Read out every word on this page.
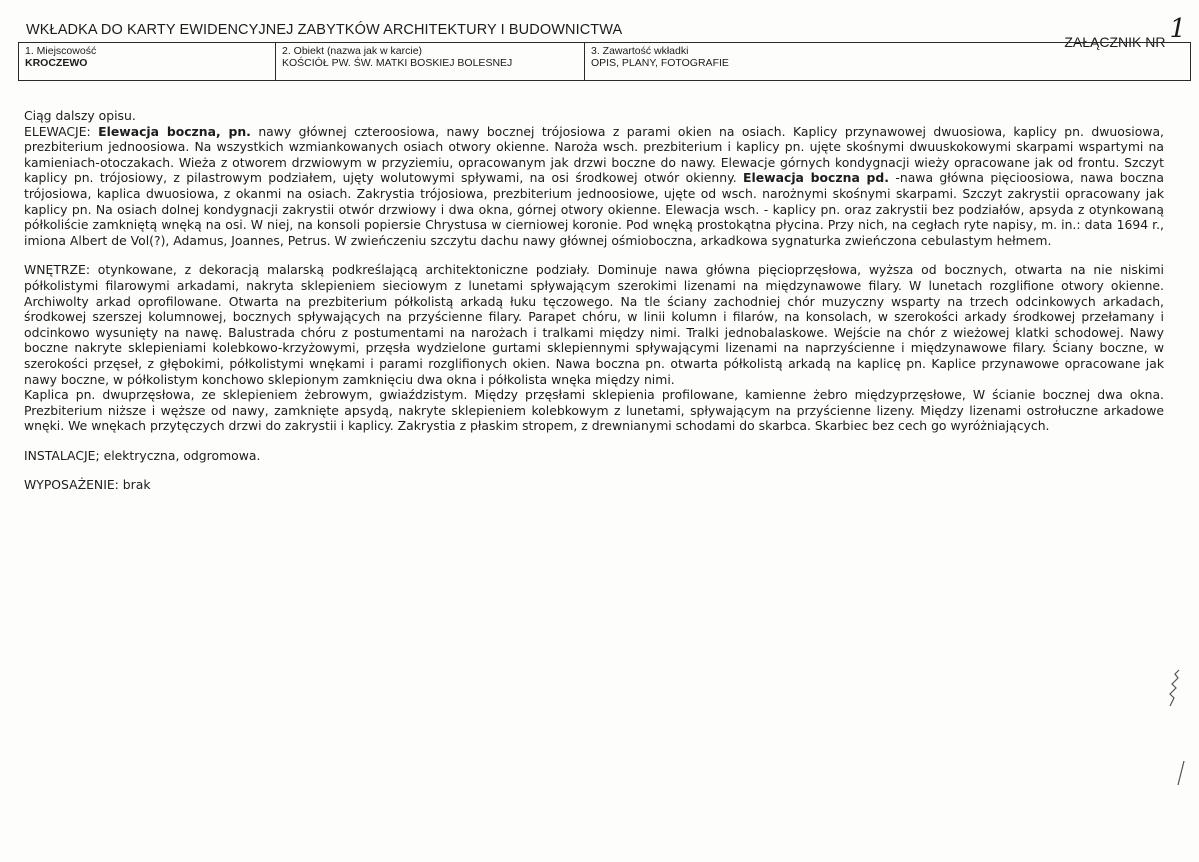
WKŁADKA DO KARTY EWIDENCYJNEJ ZABYTKÓW ARCHITEKTURY I BUDOWNICTWA
ZAŁĄCZNIK NR 1
1. Miejscowość
KROCZEWO

2. Obiekt (nazwa jak w karcie)
KOŚCIÓŁ PW. ŚW. MATKI BOSKIEJ BOLESNEJ

3. Zawartość wkładki
OPIS, PLANY, FOTOGRAFIE

Ciąg dalszy opisu.

ELEWACJE: Elewacja boczna, pn. nawy głównej czteroosiowa, nawy bocznej trójosiowa z parami okien na osiach. Kaplicy przynawowej dwuosiowa, kaplicy pn. dwuosiowa, prezbiterium jednoosiowa. Na wszystkich wzmiankowanych osiach otwory okienne. Naroża wsch. prezbiterium i kaplicy pn. ujęte skośnymi dwuuskokowymi skarpami wspartymi na kamieniach-otoczakach. Wieża z otworem drzwiowym w przyziemiu, opracowanym jak drzwi boczne do nawy. Elewacje górnych kondygnacji wieży opracowane jak od frontu. Szczyt kaplicy pn. trójosiowy, z pilastrowym podziałem, ujęty wolutowymi spływami, na osi środkowej otwór okienny. Elewacja boczna pd. -nawa główna pięcioosiowa, nawa boczna trójosiowa, kaplica dwuosiowa, z okanmi na osiach. Zakrystia trójosiowa, prezbiterium jednoosiowe, ujęte od wsch. narożnymi skośnymi skarpami. Szczyt zakrystii opracowany jak kaplicy pn. Na osiach dolnej kondygnacji zakrystii otwór drzwiowy i dwa okna, górnej otwory okienne. Elewacja wsch. - kaplicy pn. oraz zakrystii bez podziałów, apsyda z otynkowaną półkoliście zamkniętą wnęką na osi. W niej, na konsoli popiersie Chrystusa w cierniowej koronie. Pod wnęką prostokątna płycina. Przy nich, na cegłach ryte napisy, m. in.: data 1694 r., imiona Albert de Vol(?), Adamus, Joannes, Petrus. W zwieńczeniu szczytu dachu nawy głównej ośmioboczna, arkadkowa sygnaturka zwieńczona cebulastym hełmem.

WNĘTRZE: otynkowane, z dekoracją malarską podkreślającą architektoniczne podziały. Dominuje nawa główna pięcioprzęsłowa, wyższa od bocznych, otwarta na nie niskimi półkolistymi filarowymi arkadami, nakryta sklepieniem sieciowym z lunetami spływającym szerokimi lizenami na międzynawowe filary. W lunetach rozglifione otwory okienne. Archiwolty arkad oprofilowane. Otwarta na prezbiterium półkolistą arkadą łuku tęczowego. Na tle ściany zachodniej chór muzyczny wsparty na trzech odcinkowych arkadach, środkowej szerszej kolumnowej, bocznych spływających na przyścienne filary. Parapet chóru, w linii kolumn i filarów, na konsolach, w szerokości arkady środkowej przełamany i odcinkowo wysunięty na nawę. Balustrada chóru z postumentami na narożach i tralkami między nimi. Tralki jednobalaskowe. Wejście na chór z wieżowej klatki schodowej. Nawy boczne nakryte sklepieniami kolebkowo-krzyżowymi, przęsła wydzielone gurtami sklepiennymi spływającymi lizenami na naprzyścienne i międzynawowe filary. Ściany boczne, w szerokości przęseł, z głębokimi, półkolistymi wnękami i parami rozglifionych okien. Nawa boczna pn. otwarta półkolistą arkadą na kaplicę pn. Kaplice przynawowe opracowane jak nawy boczne, w półkolistym konchowo sklepionym zamknięciu dwa okna i półkolista wnęka między nimi.

Kaplica pn. dwuprzęsłowa, ze sklepieniem żebrowym, gwiaździstym. Między przęsłami sklepienia profilowane, kamienne żebro międzyprzęsłowe, W ścianie bocznej dwa okna. Prezbiterium niższe i węższe od nawy, zamknięte apsydą, nakryte sklepieniem kolebkowym z lunetami, spływającym na przyścienne lizeny. Między lizenami ostrołuczne arkadowe wnęki. We wnękach przytęczych drzwi do zakrystii i kaplicy. Zakrystia z płaskim stropem, z drewnianymi schodami do skarbca. Skarbiec bez cech go wyróżniających.

INSTALACJE; elektryczna, odgromowa.

WYPOSAŻENIE: brak
